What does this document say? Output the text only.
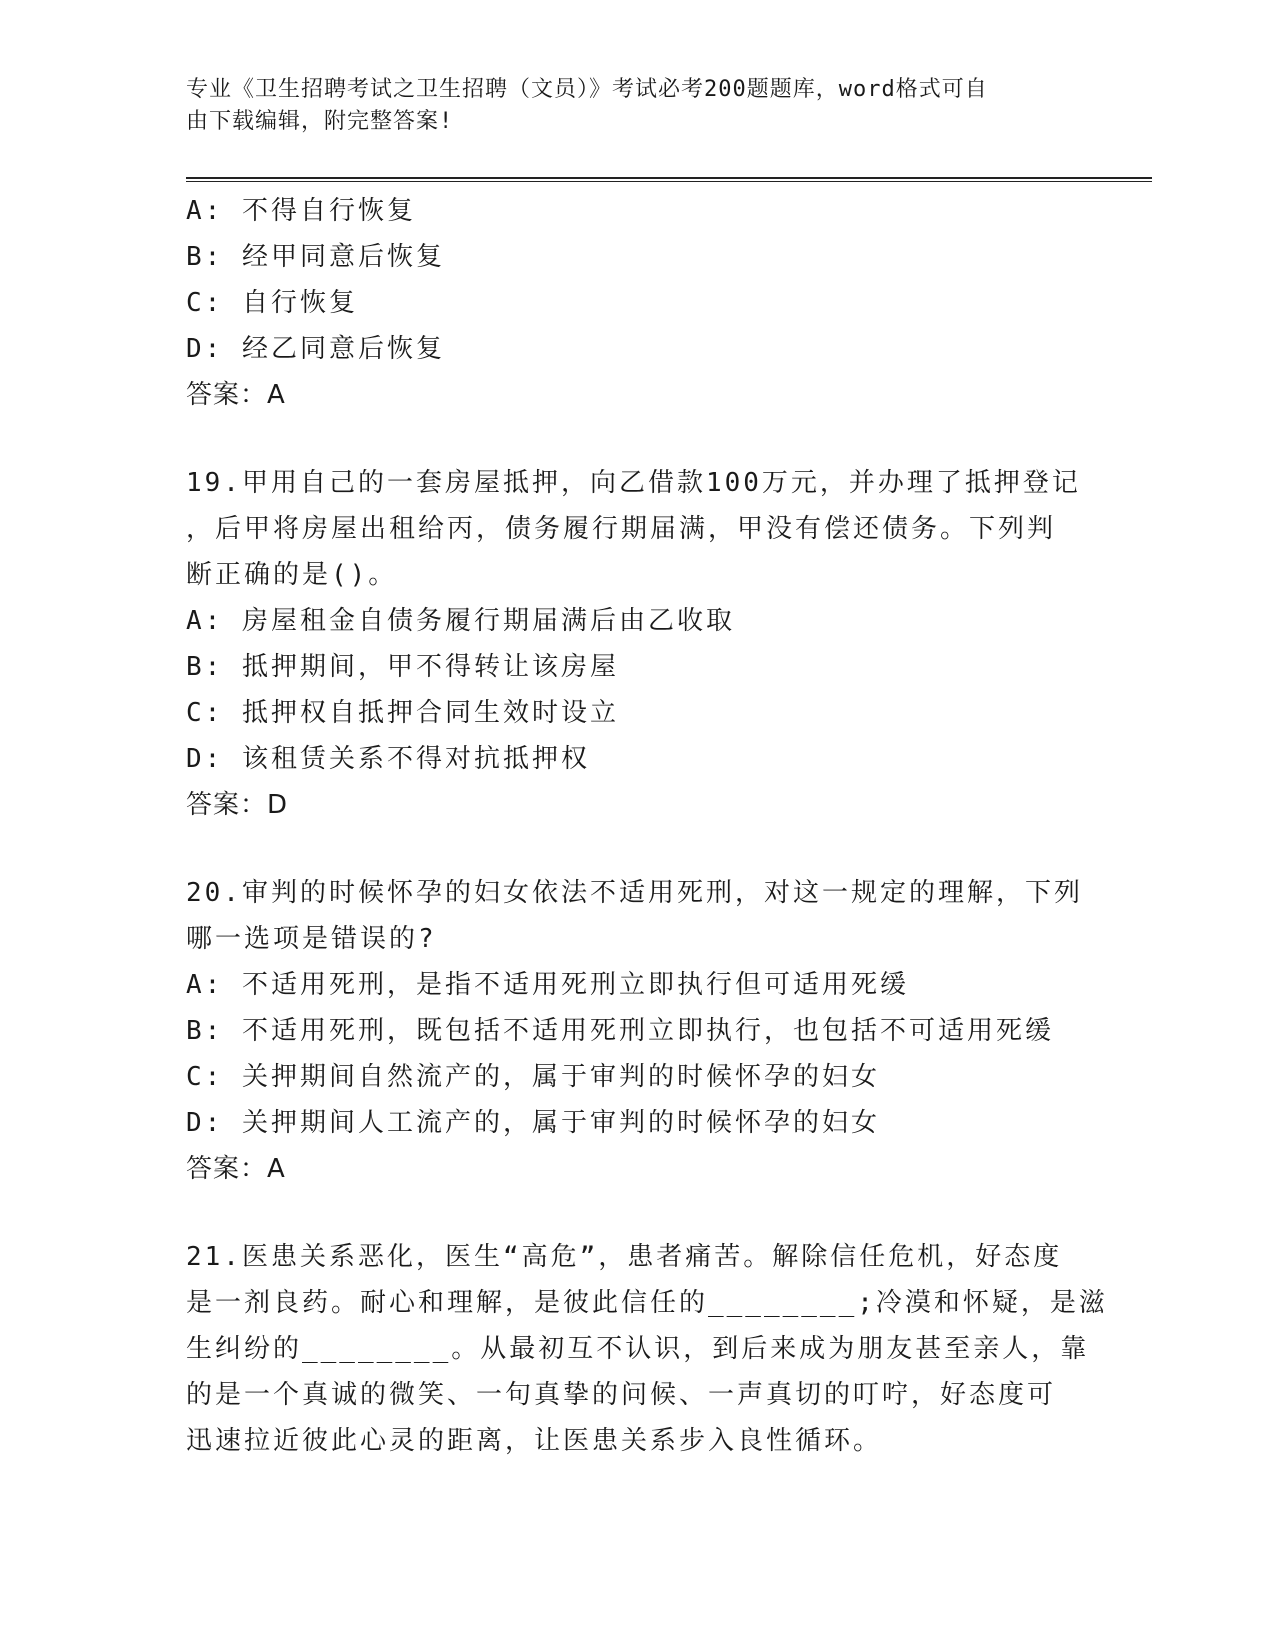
专业《卫生招聘考试之卫生招聘（文员）》考试必考200题题库，word格式可自
由下载编辑，附完整答案!
A: 不得自行恢复
B: 经甲同意后恢复
C: 自行恢复
D: 经乙同意后恢复
答案：A
19.甲用自己的一套房屋抵押，向乙借款100万元，并办理了抵押登记
，后甲将房屋出租给丙，债务履行期届满，甲没有偿还债务。下列判
断正确的是()。
A: 房屋租金自债务履行期届满后由乙收取
B: 抵押期间，甲不得转让该房屋
C: 抵押权自抵押合同生效时设立
D: 该租赁关系不得对抗抵押权
答案：D
20.审判的时候怀孕的妇女依法不适用死刑，对这一规定的理解，下列
哪一选项是错误的?
A: 不适用死刑，是指不适用死刑立即执行但可适用死缓
B: 不适用死刑，既包括不适用死刑立即执行，也包括不可适用死缓
C: 关押期间自然流产的，属于审判的时候怀孕的妇女
D: 关押期间人工流产的，属于审判的时候怀孕的妇女
答案：A
21.医患关系恶化，医生“高危”，患者痛苦。解除信任危机，好态度
是一剂良药。耐心和理解，是彼此信任的________;冷漠和怀疑，是滋
生纠纷的________。从最初互不认识，到后来成为朋友甚至亲人，靠
的是一个真诚的微笑、一句真挚的问候、一声真切的叮咛，好态度可
迅速拉近彼此心灵的距离，让医患关系步入良性循环。
